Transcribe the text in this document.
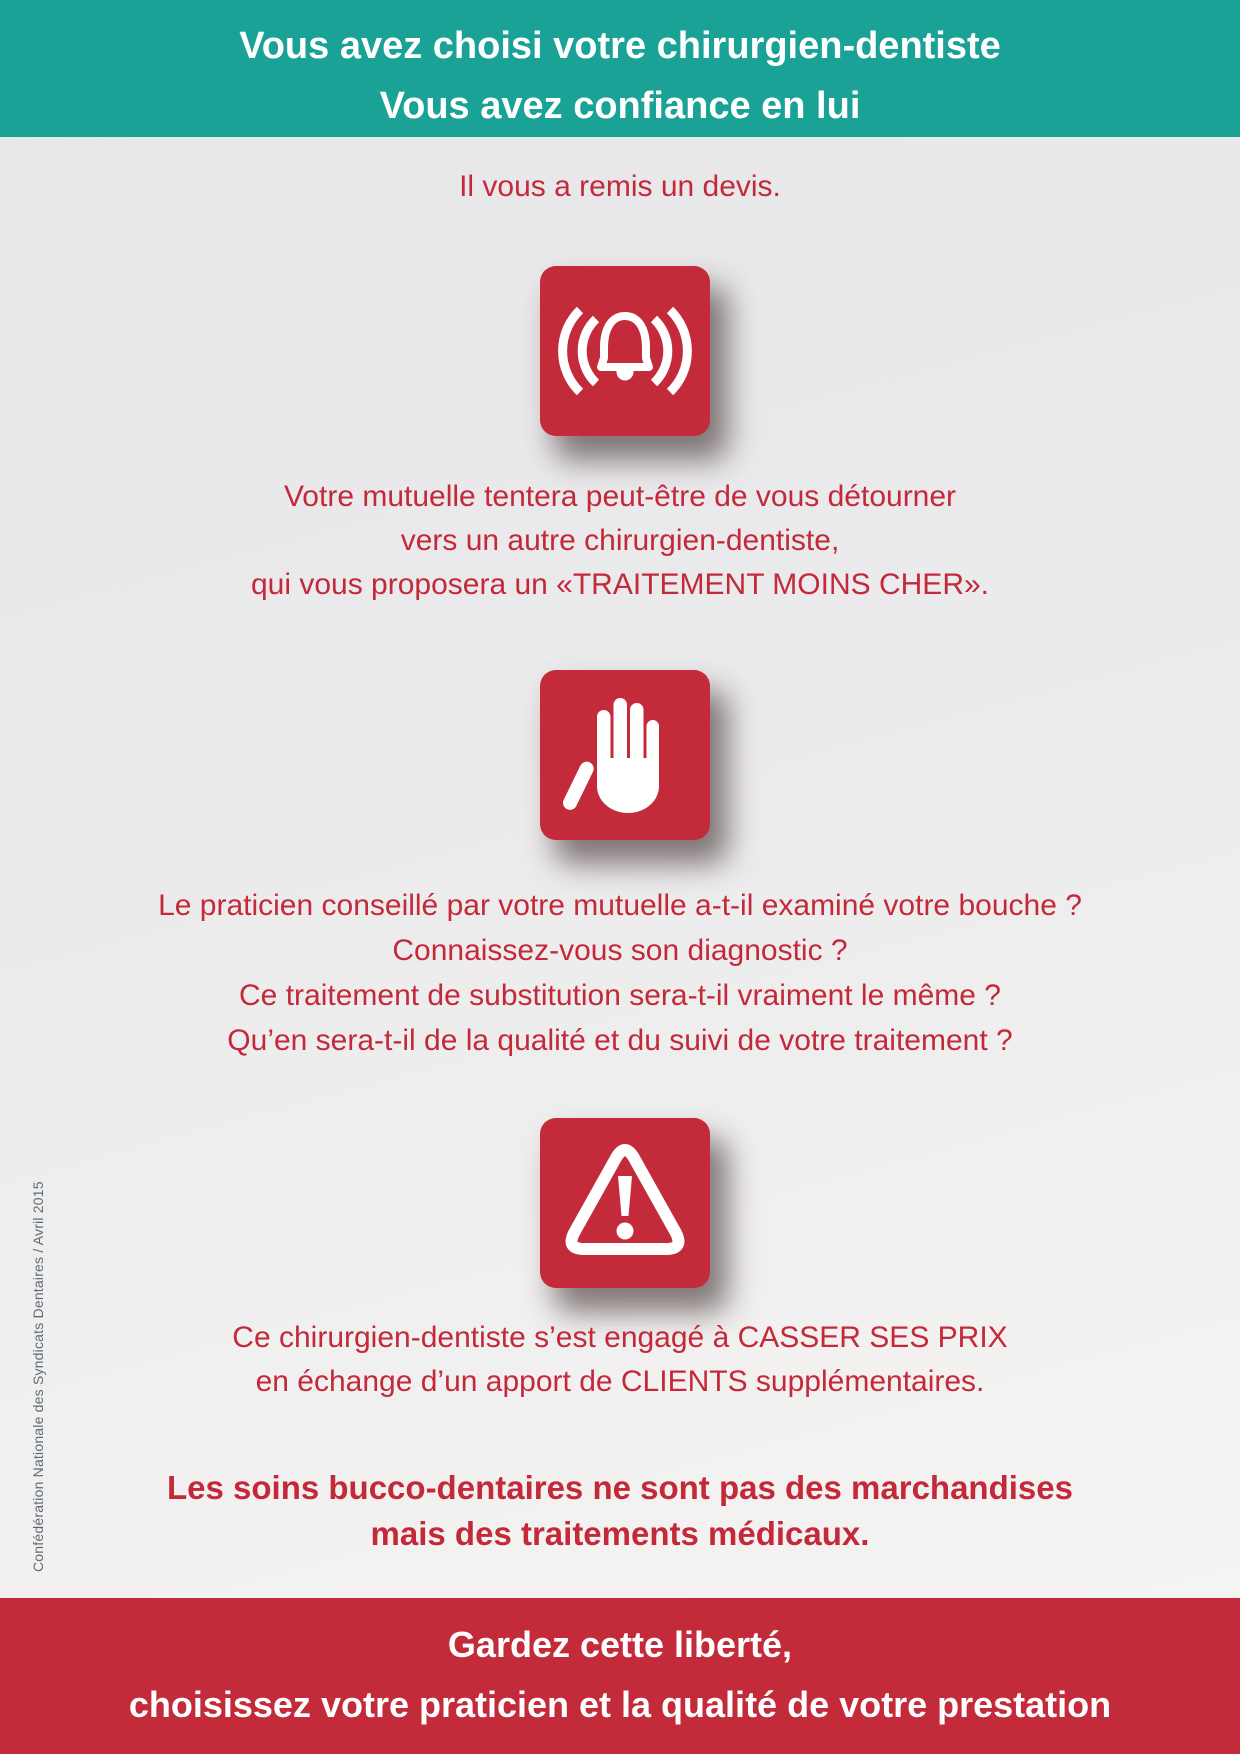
Vous avez choisi votre chirurgien-dentiste
Vous avez confiance en lui
Il vous a remis un devis.
Votre mutuelle tentera peut-être de vous détourner
vers un autre chirurgien-dentiste,
qui vous proposera un «TRAITEMENT MOINS CHER».
Le praticien conseillé par votre mutuelle a-t-il examiné votre bouche ?
Connaissez-vous son diagnostic ?
Ce traitement de substitution sera-t-il vraiment le même ?
Qu’en sera-t-il de la qualité et du suivi de votre traitement ?
Ce chirurgien-dentiste s’est engagé à CASSER SES PRIX
en échange d’un apport de CLIENTS supplémentaires.
Les soins bucco-dentaires ne sont pas des marchandises
mais des traitements médicaux.
Gardez cette liberté,
choisissez votre praticien et la qualité de votre prestation
Confédération Nationale des Syndicats Dentaires / Avril 2015
